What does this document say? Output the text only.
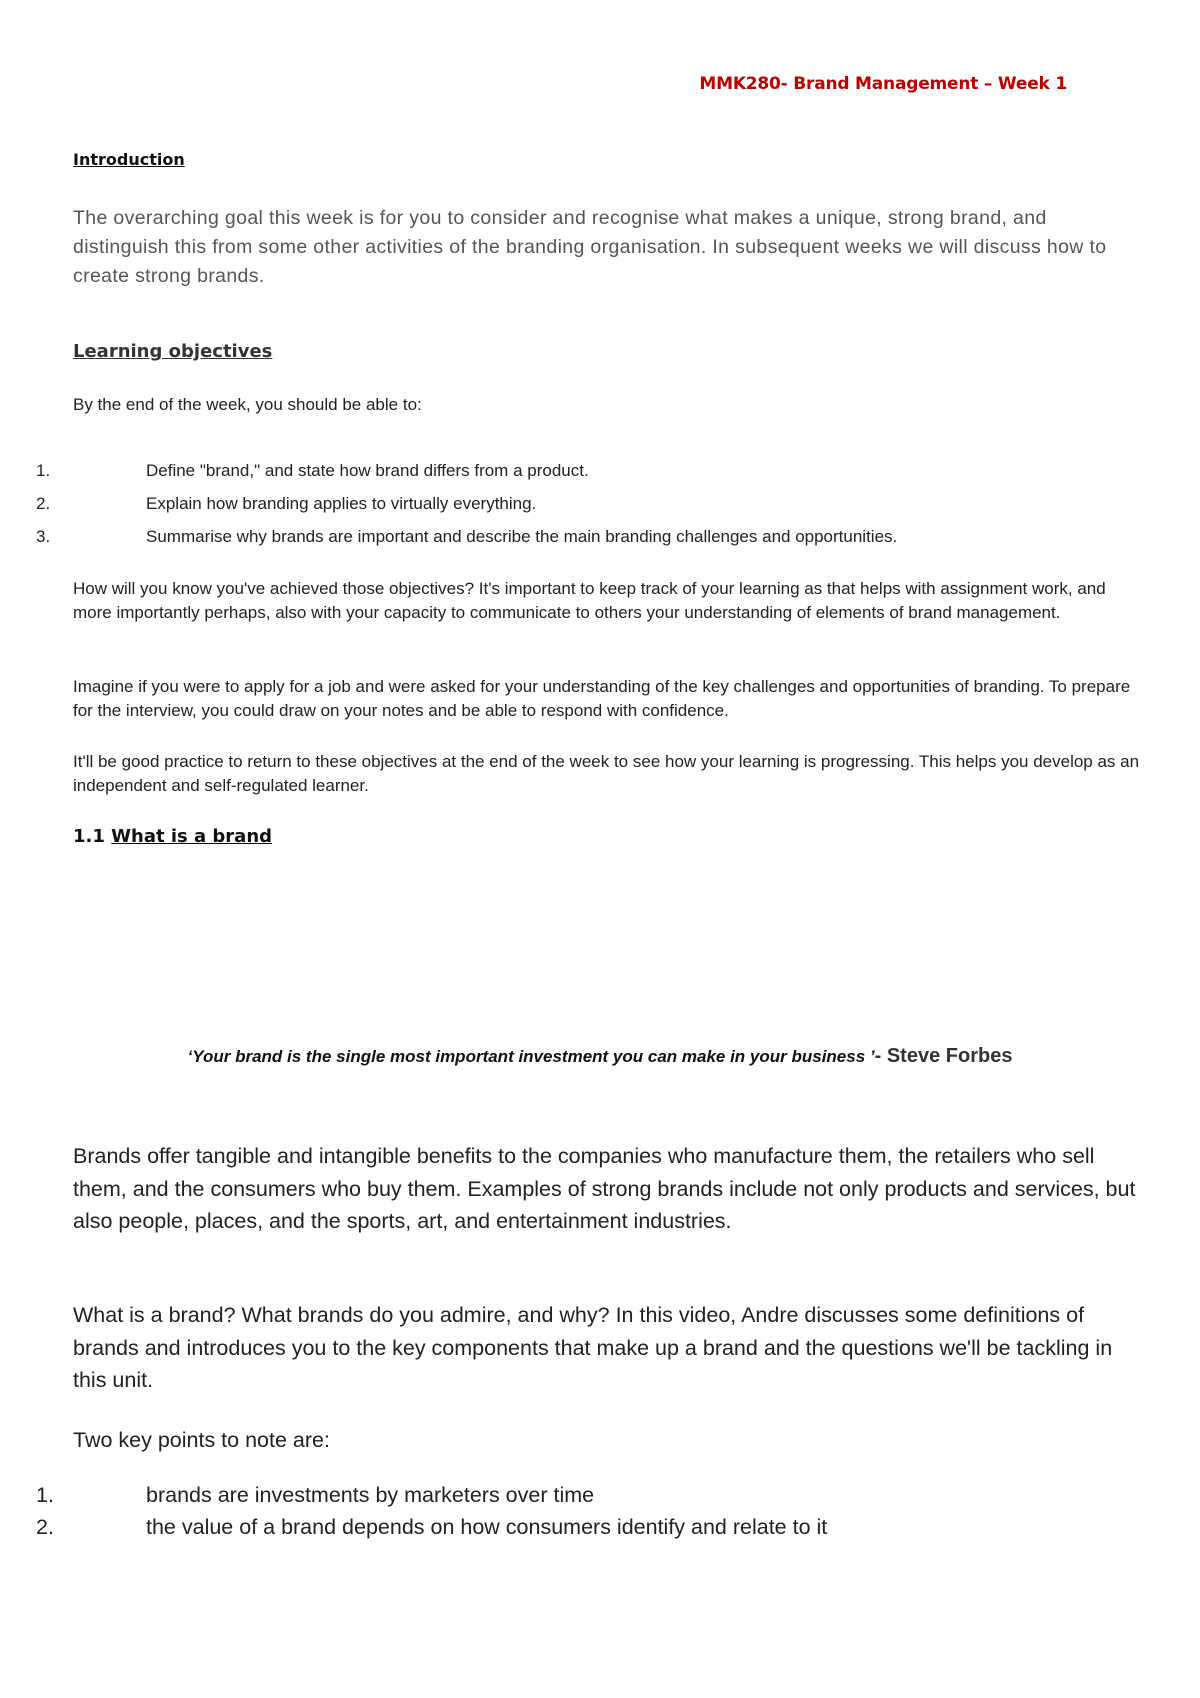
MMK280- Brand Management – Week 1

Introduction

The overarching goal this week is for you to consider and recognise what makes a unique, strong brand, and distinguish this from some other activities of the branding organisation. In subsequent weeks we will discuss how to create strong brands.

Learning objectives

By the end of the week, you should be able to:

1.	Define "brand," and state how brand differs from a product.
2.	Explain how branding applies to virtually everything.
3.	Summarise why brands are important and describe the main branding challenges and opportunities.

How will you know you've achieved those objectives? It's important to keep track of your learning as that helps with assignment work, and more importantly perhaps, also with your capacity to communicate to others your understanding of elements of brand management.

Imagine if you were to apply for a job and were asked for your understanding of the key challenges and opportunities of branding. To prepare for the interview, you could draw on your notes and be able to respond with confidence.

It'll be good practice to return to these objectives at the end of the week to see how your learning is progressing. This helps you develop as an independent and self-regulated learner.

1.1 What is a brand

‘Your brand is the single most important investment you can make in your business ’- Steve Forbes

Brands offer tangible and intangible benefits to the companies who manufacture them, the retailers who sell them, and the consumers who buy them. Examples of strong brands include not only products and services, but also people, places, and the sports, art, and entertainment industries.

What is a brand? What brands do you admire, and why? In this video, Andre discusses some definitions of brands and introduces you to the key components that make up a brand and the questions we'll be tackling in this unit.

Two key points to note are:

1.	brands are investments by marketers over time
2.	the value of a brand depends on how consumers identify and relate to it
